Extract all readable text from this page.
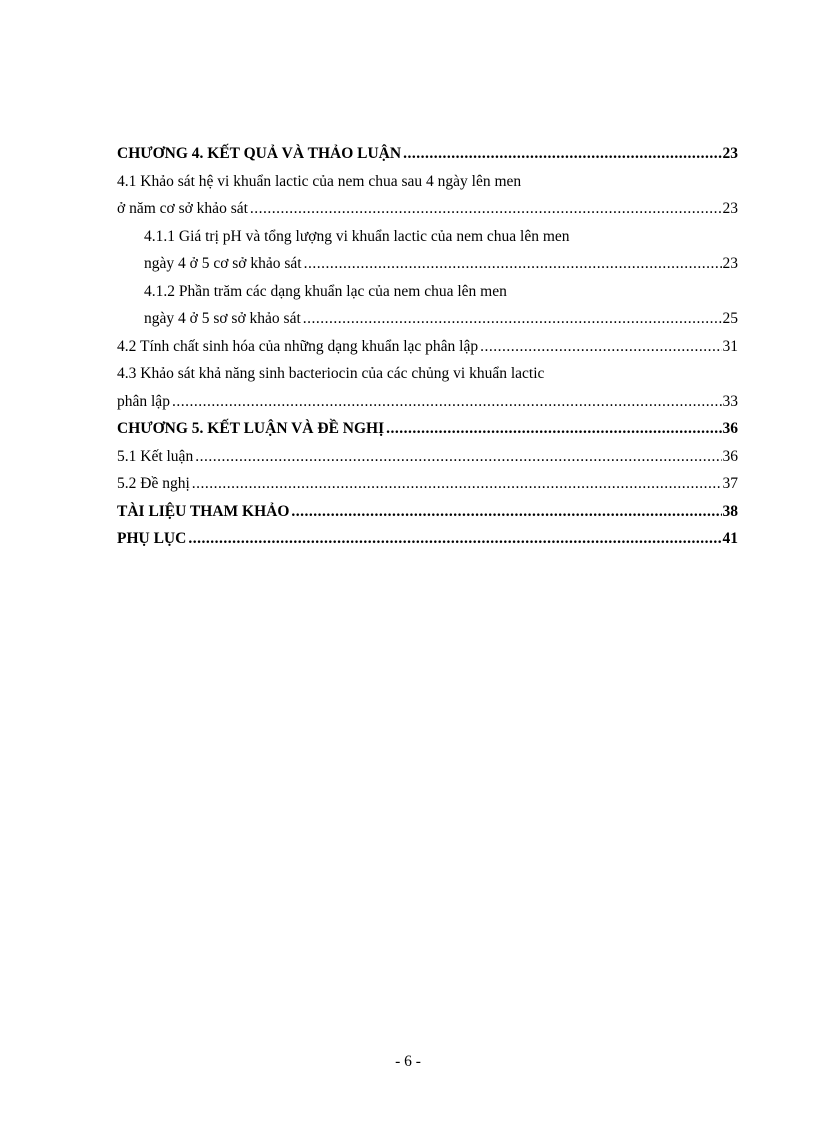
CHƯƠNG 4. KẾT QUẢ VÀ THẢO LUẬN .....	23
4.1 Khảo sát hệ vi khuẩn lactic của nem chua sau 4 ngày lên men
ở năm cơ sở khảo sát .....	23
4.1.1 Giá trị pH và tổng lượng vi khuẩn lactic của nem chua lên men
ngày 4 ở 5 cơ sở khảo sát .....	23
4.1.2 Phần trăm các dạng khuẩn lạc của nem chua lên men
ngày 4 ở 5 sơ sở khảo sát .....	25
4.2 Tính chất sinh hóa của những dạng khuẩn lạc phân lập .....	31
4.3 Khảo sát khả năng sinh bacteriocin của các chủng vi khuẩn lactic
phân lập .....	33
CHƯƠNG 5. KẾT LUẬN VÀ ĐỀ NGHỊ .....	36
5.1 Kết luận .....	36
5.2 Đề nghị .....	37
TÀI LIỆU THAM KHẢO .....	38
PHỤ LỤC .....	41
- 6 -
